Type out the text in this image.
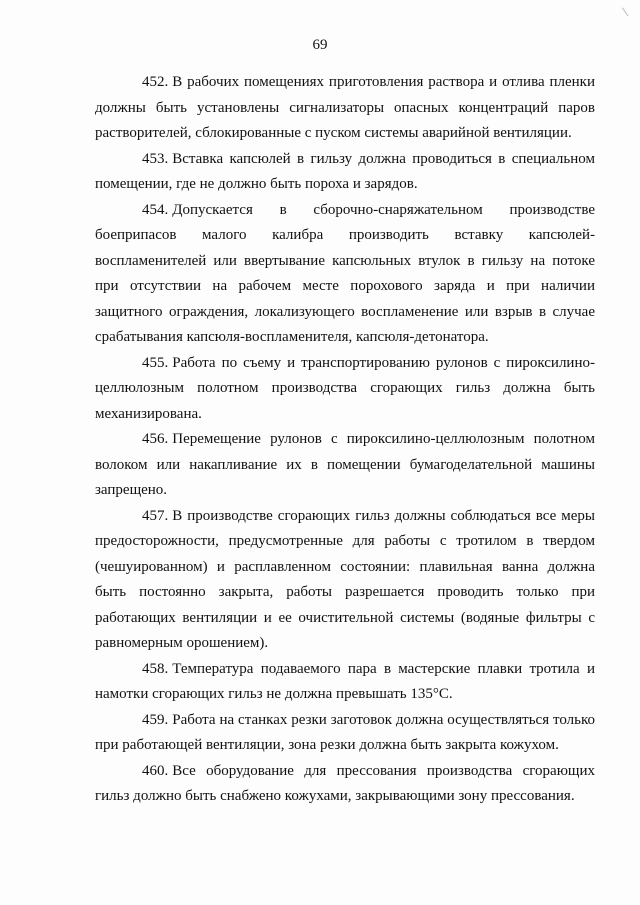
69

452. В рабочих помещениях приготовления раствора и отлива пленки должны быть установлены сигнализаторы опасных концентраций паров растворителей, сблокированные с пуском системы аварийной вентиляции.

453. Вставка капсюлей в гильзу должна проводиться в специальном помещении, где не должно быть пороха и зарядов.

454. Допускается в сборочно-снаряжательном производстве боеприпасов малого калибра производить вставку капсюлей-воспламенителей или ввертывание капсюльных втулок в гильзу на потоке при отсутствии на рабочем месте порохового заряда и при наличии защитного ограждения, локализующего воспламенение или взрыв в случае срабатывания капсюля-воспламенителя, капсюля-детонатора.

455. Работа по съему и транспортированию рулонов с пироксилино-целлюлозным полотном производства сгорающих гильз должна быть механизирована.

456. Перемещение рулонов с пироксилино-целлюлозным полотном волоком или накапливание их в помещении бумагоделательной машины запрещено.

457. В производстве сгорающих гильз должны соблюдаться все меры предосторожности, предусмотренные для работы с тротилом в твердом (чешуированном) и расплавленном состоянии: плавильная ванна должна быть постоянно закрыта, работы разрешается проводить только при работающих вентиляции и ее очистительной системы (водяные фильтры с равномерным орошением).

458. Температура подаваемого пара в мастерские плавки тротила и намотки сгорающих гильз не должна превышать 135°С.

459. Работа на станках резки заготовок должна осуществляться только при работающей вентиляции, зона резки должна быть закрыта кожухом.

460. Все оборудование для прессования производства сгорающих гильз должно быть снабжено кожухами, закрывающими зону прессования.
